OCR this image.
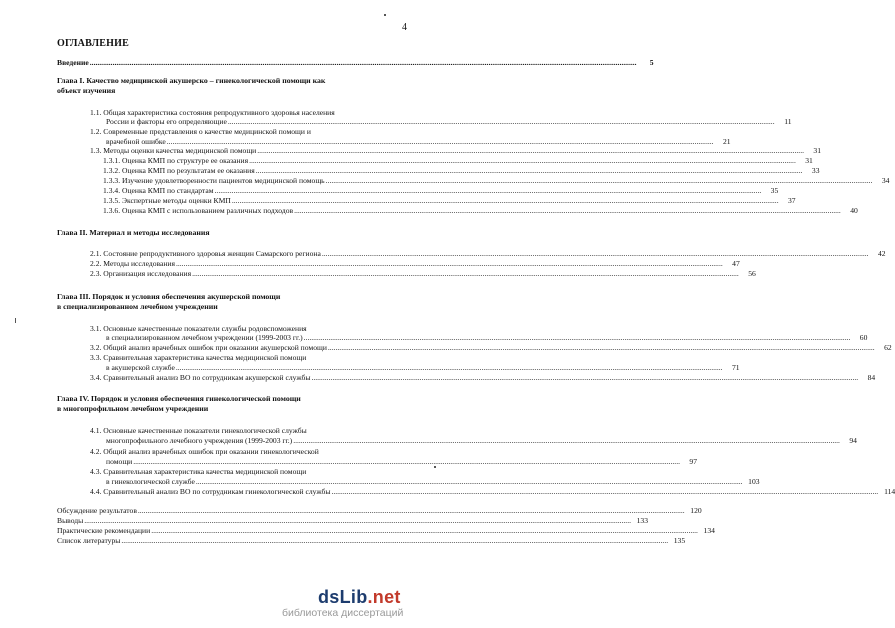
4
ОГЛАВЛЕНИЕ
Введение ................................................................................................................................................................................................................................................................................................	5
Глава I. Качество медицинской акушерско – гинекологической помощи как
объект изучения
1.1. Общая характеристика состояния репродуктивного здоровья населения
России и факторы его определяющие ................................................................................................................................................................................................................................................................................................	11
1.2. Современные представления о качестве медицинской помощи и
врачебной ошибке ................................................................................................................................................................................................................................................................................................	21
1.3. Методы оценки качества медицинской помощи ................................................................................................................................................................................................................................................................................................	31
1.3.1. Оценка КМП по структуре ее оказания ................................................................................................................................................................................................................................................................................................	31
1.3.2. Оценка КМП по результатам ее оказания ................................................................................................................................................................................................................................................................................................	33
1.3.3. Изучение удовлетворенности пациентов медицинской помощь ................................................................................................................................................................................................................................................................................................	34
1.3.4. Оценка КМП по стандартам ................................................................................................................................................................................................................................................................................................	35
1.3.5. Экспертные методы оценки КМП ................................................................................................................................................................................................................................................................................................	37
1.3.6. Оценка КМП с использованием различных подходов ................................................................................................................................................................................................................................................................................................	40
Глава II. Материал и методы исследования
2.1. Состояние репродуктивного здоровья женщин Самарского региона ................................................................................................................................................................................................................................................................................................	42
2.2. Методы исследования ................................................................................................................................................................................................................................................................................................	47
2.3. Организация исследования ................................................................................................................................................................................................................................................................................................	56
Глава III. Порядок и условия обеспечения акушерской помощи
в специализированном лечебном учреждении
3.1. Основные качественные показатели службы родовспоможения
в специализированном лечебном учреждении (1999-2003 гг.) ................................................................................................................................................................................................................................................................................................	60
3.2. Общий анализ врачебных ошибок при оказании акушерской помощи ................................................................................................................................................................................................................................................................................................	62
3.3. Сравнительная характеристика качества медицинской помощи
в акушерской службе ................................................................................................................................................................................................................................................................................................	71
3.4. Сравнительный анализ ВО по сотрудникам акушерской службы ................................................................................................................................................................................................................................................................................................	84
Глава IV. Порядок и условия обеспечения гинекологической помощи
в многопрофильном лечебном учреждении
4.1. Основные качественные показатели гинекологической службы
многопрофильного лечебного учреждения (1999-2003 гг.) ................................................................................................................................................................................................................................................................................................	94
4.2. Общий анализ врачебных ошибок при оказании гинекологической
помощи ................................................................................................................................................................................................................................................................................................	97
4.3. Сравнительная характеристика качества медицинской помощи
в гинекологической службе ................................................................................................................................................................................................................................................................................................ 103
4.4. Сравнительный анализ ВО по сотрудникам гинекологической службы ................................................................................................................................................................................................................................................................................................ 114
Обсуждение результатов ................................................................................................................................................................................................................................................................................................ 120
Выводы ................................................................................................................................................................................................................................................................................................ 133
Практические рекомендации ................................................................................................................................................................................................................................................................................................ 134
Список литературы ................................................................................................................................................................................................................................................................................................ 135
dsLib.net
библиотека диссертаций
